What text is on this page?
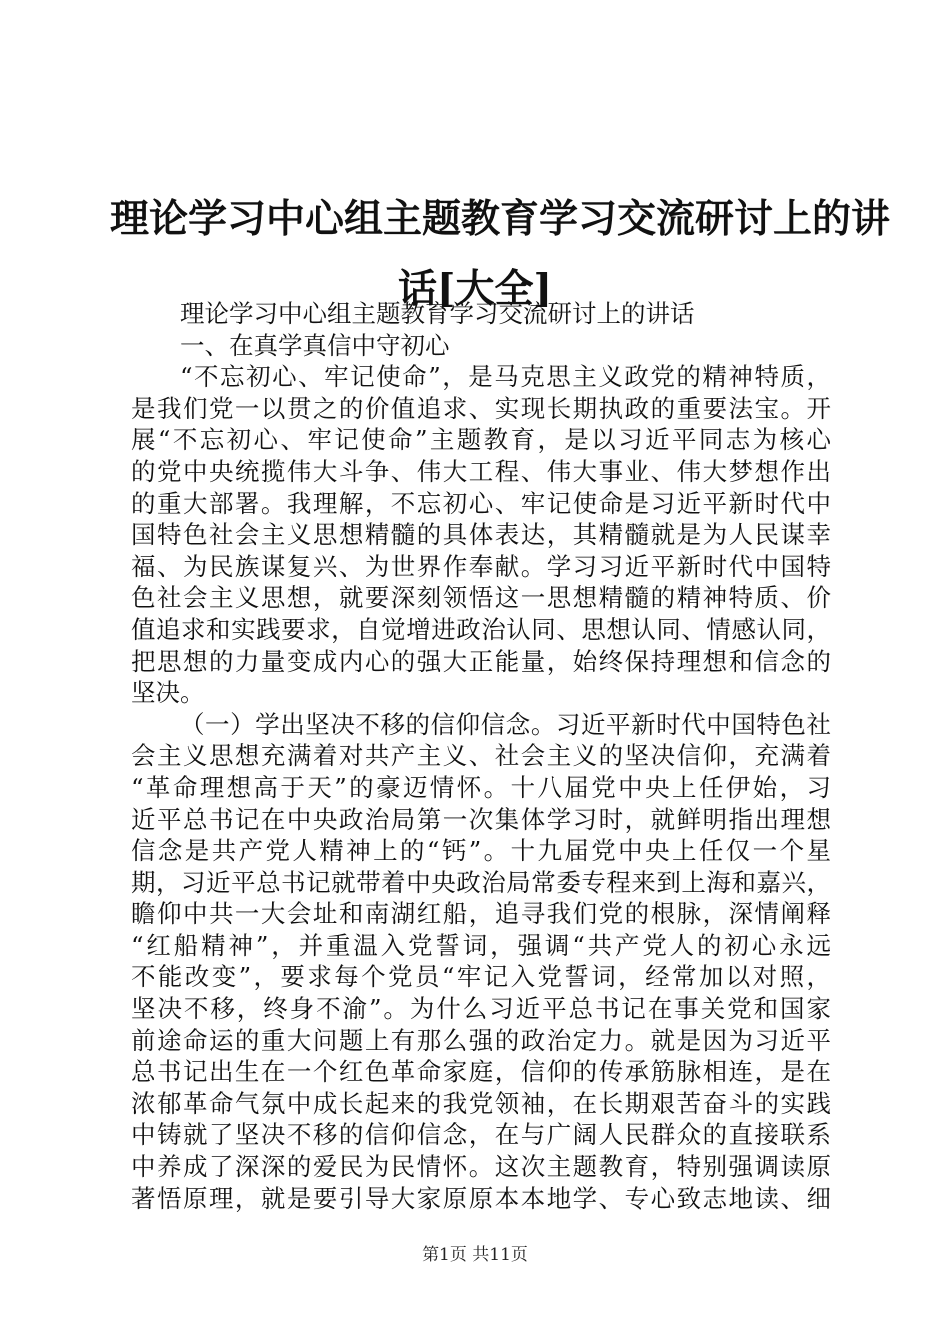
理论学习中心组主题教育学习交流研讨上的讲
话[大全]
理论学习中心组主题教育学习交流研讨上的讲话
一、在真学真信中守初心
“不忘初心、牢记使命”，是马克思主义政党的精神特质，
是我们党一以贯之的价值追求、实现长期执政的重要法宝。开
展“不忘初心、牢记使命”主题教育，是以习近平同志为核心
的党中央统揽伟大斗争、伟大工程、伟大事业、伟大梦想作出
的重大部署。我理解，不忘初心、牢记使命是习近平新时代中
国特色社会主义思想精髓的具体表达，其精髓就是为人民谋幸
福、为民族谋复兴、为世界作奉献。学习习近平新时代中国特
色社会主义思想，就要深刻领悟这一思想精髓的精神特质、价
值追求和实践要求，自觉增进政治认同、思想认同、情感认同，
把思想的力量变成内心的强大正能量，始终保持理想和信念的
坚决。
（一）学出坚决不移的信仰信念。习近平新时代中国特色社
会主义思想充满着对共产主义、社会主义的坚决信仰，充满着
“革命理想高于天”的豪迈情怀。十八届党中央上任伊始，习
近平总书记在中央政治局第一次集体学习时，就鲜明指出理想
信念是共产党人精神上的“钙”。十九届党中央上任仅一个星
期，习近平总书记就带着中央政治局常委专程来到上海和嘉兴，
瞻仰中共一大会址和南湖红船，追寻我们党的根脉，深情阐释
“红船精神”，并重温入党誓词，强调“共产党人的初心永远
不能改变”，要求每个党员“牢记入党誓词，经常加以对照，
坚决不移，终身不渝”。为什么习近平总书记在事关党和国家
前途命运的重大问题上有那么强的政治定力。就是因为习近平
总书记出生在一个红色革命家庭，信仰的传承筋脉相连，是在
浓郁革命气氛中成长起来的我党领袖，在长期艰苦奋斗的实践
中铸就了坚决不移的信仰信念，在与广阔人民群众的直接联系
中养成了深深的爱民为民情怀。这次主题教育，特别强调读原
著悟原理，就是要引导大家原原本本地学、专心致志地读、细
第1页 共11页
